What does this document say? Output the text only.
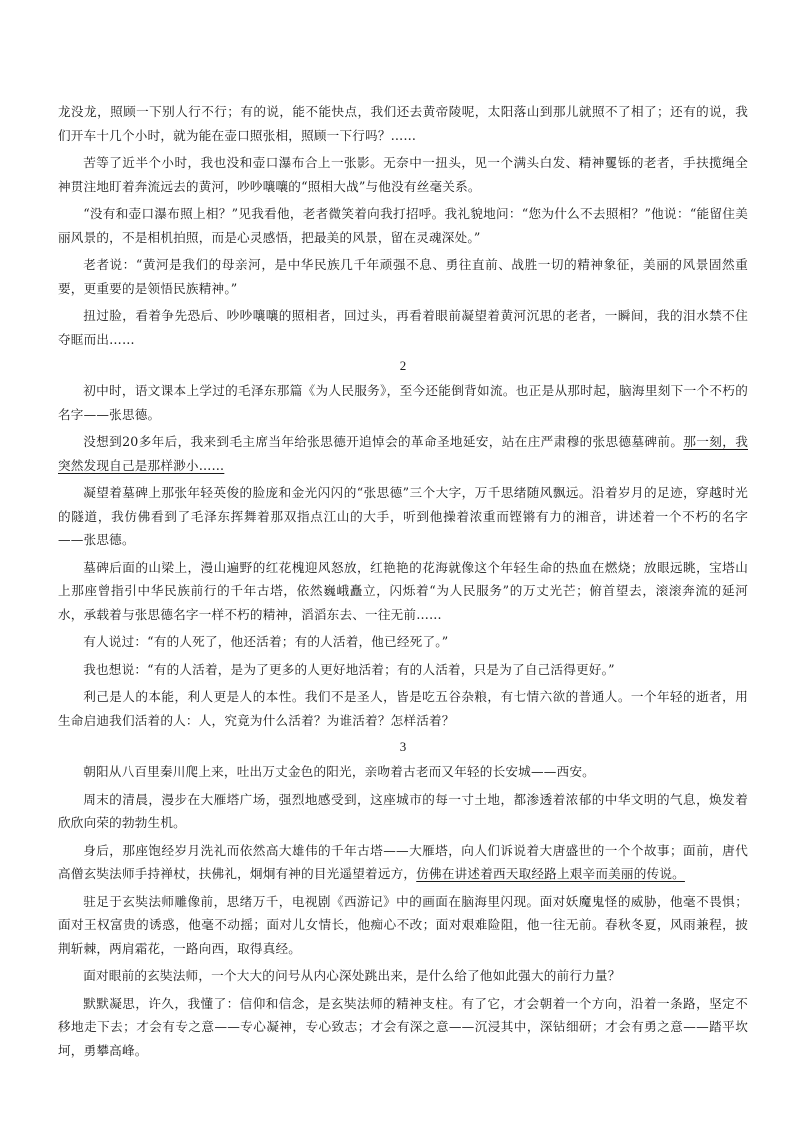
龙没龙，照顾一下别人行不行；有的说，能不能快点，我们还去黄帝陵呢，太阳落山到那儿就照不了相了；还有的说，我们开车十几个小时，就为能在壶口照张相，照顾一下行吗？……

苦等了近半个小时，我也没和壶口瀑布合上一张影。无奈中一扭头，见一个满头白发、精神矍铄的老者，手扶揽绳全神贯注地盯着奔流远去的黄河，吵吵嚷嚷的“照相大战”与他没有丝毫关系。

“没有和壶口瀑布照上相？”见我看他，老者微笑着向我打招呼。我礼貌地问：“您为什么不去照相？”他说：“能留住美丽风景的，不是相机拍照，而是心灵感悟，把最美的风景，留在灵魂深处。”

老者说：“黄河是我们的母亲河，是中华民族几千年顽强不息、勇往直前、战胜一切的精神象征，美丽的风景固然重要，更重要的是领悟民族精神。”

扭过脸，看着争先恐后、吵吵嚷嚷的照相者，回过头，再看着眼前凝望着黄河沉思的老者，一瞬间，我的泪水禁不住夺眶而出……

2

初中时，语文课本上学过的毛泽东那篇《为人民服务》，至今还能倒背如流。也正是从那时起，脑海里刻下一个不朽的名字——张思德。

没想到20多年后，我来到毛主席当年给张思德开追悼会的革命圣地延安，站在庄严肃穆的张思德墓碑前。那一刻，我突然发现自己是那样渺小……

凝望着墓碑上那张年轻英俊的脸庞和金光闪闪的“张思德”三个大字，万千思绪随风飘远。沿着岁月的足迹，穿越时光的隧道，我仿佛看到了毛泽东挥舞着那双指点江山的大手，听到他操着浓重而铿锵有力的湘音，讲述着一个不朽的名字——张思德。

墓碑后面的山梁上，漫山遍野的红花槐迎风怒放，红艳艳的花海就像这个年轻生命的热血在燃烧；放眼远眺，宝塔山上那座曾指引中华民族前行的千年古塔，依然巍峨矗立，闪烁着“为人民服务”的万丈光芒；俯首望去，滚滚奔流的延河水，承载着与张思德名字一样不朽的精神，滔滔东去、一往无前……

有人说过：“有的人死了，他还活着；有的人活着，他已经死了。”

我也想说：“有的人活着，是为了更多的人更好地活着；有的人活着，只是为了自己活得更好。”

利己是人的本能，利人更是人的本性。我们不是圣人，皆是吃五谷杂粮，有七情六欲的普通人。一个年轻的逝者，用生命启迪我们活着的人：人，究竟为什么活着？为谁活着？怎样活着？

3

朝阳从八百里秦川爬上来，吐出万丈金色的阳光，亲吻着古老而又年轻的长安城——西安。

周末的清晨，漫步在大雁塔广场，强烈地感受到，这座城市的每一寸土地，都渗透着浓郁的中华文明的气息，焕发着欣欣向荣的勃勃生机。

身后，那座饱经岁月洗礼而依然高大雄伟的千年古塔——大雁塔，向人们诉说着大唐盛世的一个个故事；面前，唐代高僧玄奘法师手持禅杖，扶佛礼，炯炯有神的目光遥望着远方，仿佛在讲述着西天取经路上艰辛而美丽的传说。

驻足于玄奘法师雕像前，思绪万千，电视剧《西游记》中的画面在脑海里闪现。面对妖魔鬼怪的威胁，他毫不畏惧；面对王权富贵的诱惑，他毫不动摇；面对儿女情长，他痴心不改；面对艰难险阻，他一往无前。春秋冬夏，风雨兼程，披荆斩棘，两肩霜花，一路向西，取得真经。

面对眼前的玄奘法师，一个大大的问号从内心深处跳出来，是什么给了他如此强大的前行力量？

默默凝思，许久，我懂了：信仰和信念，是玄奘法师的精神支柱。有了它，才会朝着一个方向，沿着一条路，坚定不移地走下去；才会有专之意——专心凝神，专心致志；才会有深之意——沉浸其中，深钻细研；才会有勇之意——踏平坎坷，勇攀高峰。
